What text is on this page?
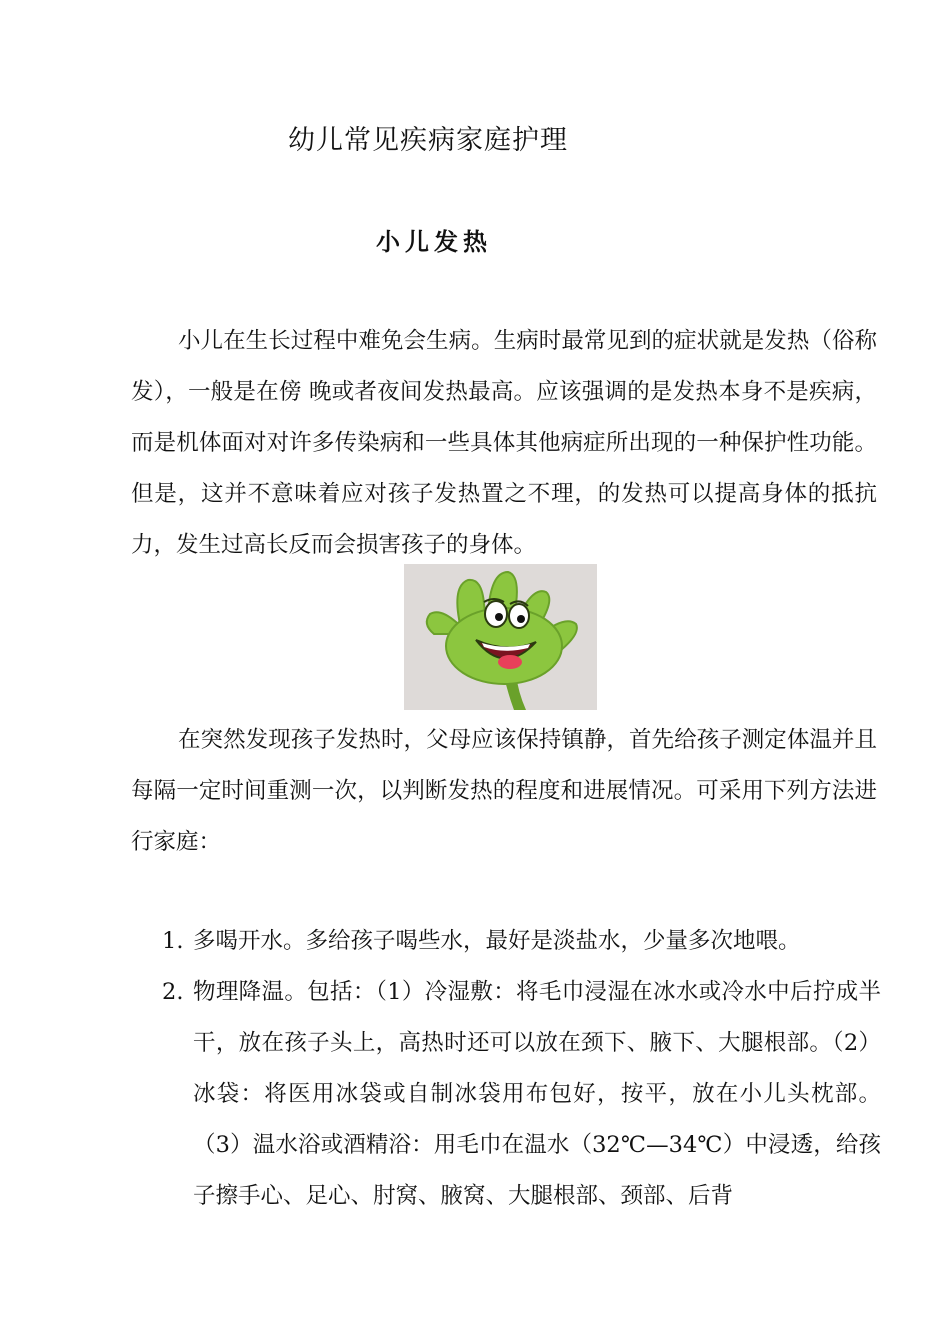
幼儿常见疾病家庭护理
小儿发热

小儿在生长过程中难免会生病。生病时最常见到的症状就是发热（俗称发），一般是在傍 晚或者夜间发热最高。应该强调的是发热本身不是疾病，而是机体面对对许多传染病和一些具体其他病症所出现的一种保护性功能。但是，这并不意味着应对孩子发热置之不理，的发热可以提高身体的抵抗力，发生过高长反而会损害孩子的身体。

在突然发现孩子发热时，父母应该保持镇静，首先给孩子测定体温并且每隔一定时间重测一次，以判断发热的程度和进展情况。可采用下列方法进行家庭：

1. 多喝开水。多给孩子喝些水，最好是淡盐水，少量多次地喂。
2. 物理降温。包括：（1）冷湿敷：将毛巾浸湿在冰水或冷水中后拧成半干，放在孩子头上，高热时还可以放在颈下、腋下、大腿根部。（2）冰袋：将医用冰袋或自制冰袋用布包好，按平，放在小儿头枕部。（3）温水浴或酒精浴：用毛巾在温水（32℃—34℃）中浸透，给孩子擦手心、足心、肘窝、腋窝、大腿根部、颈部、后背
